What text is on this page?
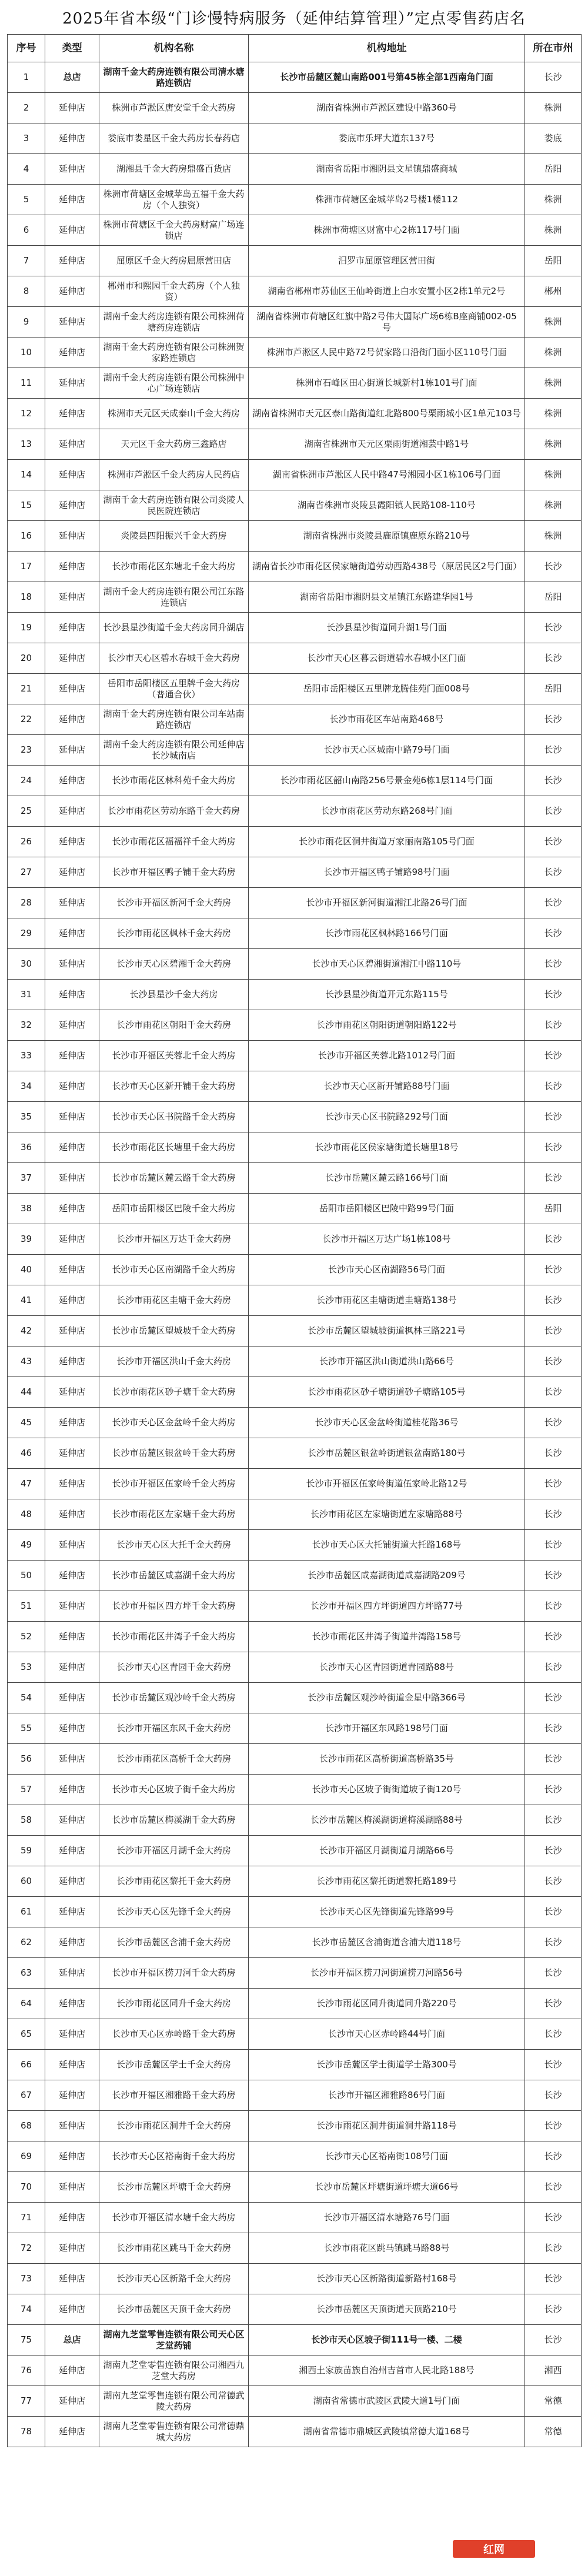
2025年省本级“门诊慢特病服务（延伸结算管理）”定点零售药店名
序号	类型	机构名称	机构地址	所在市州
1	总店	湖南千金大药房连锁有限公司清水塘路连锁店	长沙市岳麓区麓山南路001号第45栋全部1西南角门面	长沙
2	延伸店	株洲市芦淞区唐安堂千金大药房	湖南省株洲市芦淞区建设中路360号	株洲
3	延伸店	娄底市娄星区千金大药房长春药店	娄底市乐坪大道东137号	娄底
4	延伸店	湖湘县千金大药房鼎盛百货店	湖南省岳阳市湘阴县文星镇鼎盛商城	岳阳
5	延伸店	株洲市荷塘区金城苹岛五福千金大药房（个人独资）	株洲市荷塘区金城苹岛2号楼1楼112	株洲
6	延伸店	株洲市荷塘区千金大药房财富广场连锁店	株洲市荷塘区财富中心2栋117号门面	株洲
7	延伸店	屈原区千金大药房屈原营田店	汨罗市屈原管理区营田街	岳阳
8	延伸店	郴州市和熙园千金大药房（个人独资）	湖南省郴州市苏仙区王仙岭街道上白水安置小区2栋1单元2号	郴州
9	延伸店	湖南千金大药房连锁有限公司株洲荷塘药房连锁店	湖南省株洲市荷塘区红旗中路2号伟大国际广场6栋B座商铺002-05号	株洲
10	延伸店	湖南千金大药房连锁有限公司株洲贺家路连锁店	株洲市芦淞区人民中路72号贺家路口沿街门面小区110号门面	株洲
11	延伸店	湖南千金大药房连锁有限公司株洲中心广场连锁店	株洲市石峰区田心街道长城新村1栋101号门面	株洲
12	延伸店	株洲市天元区天成泰山千金大药房	湖南省株洲市天元区泰山路街道红北路800号栗雨城小区1单元103号	株洲
13	延伸店	天元区千金大药房三鑫路店	湖南省株洲市天元区栗雨街道湘芸中路1号	株洲
14	延伸店	株洲市芦淞区千金大药房人民药店	湖南省株洲市芦淞区人民中路47号湘园小区1栋106号门面	株洲
15	延伸店	湖南千金大药房连锁有限公司炎陵人民医院连锁店	湖南省株洲市炎陵县霞阳镇人民路108-110号	株洲
16	延伸店	炎陵县四阳振兴千金大药房	湖南省株洲市炎陵县鹿原镇鹿原东路210号	株洲
17	延伸店	长沙市雨花区东塘北千金大药房	湖南省长沙市雨花区侯家塘街道劳动西路438号（原居民区2号门面）	长沙
18	延伸店	湖南千金大药房连锁有限公司江东路连锁店	湖南省岳阳市湘阴县文星镇江东路建华园1号	岳阳
19	延伸店	长沙县星沙街道千金大药房同升湖店	长沙县星沙街道同升湖1号门面	长沙
20	延伸店	长沙市天心区碧水春城千金大药房	长沙市天心区暮云街道碧水春城小区门面	长沙
21	延伸店	岳阳市岳阳楼区五里牌千金大药房（普通合伙）	岳阳市岳阳楼区五里牌龙腾佳苑门面008号	岳阳
22	延伸店	湖南千金大药房连锁有限公司车站南路连锁店	长沙市雨花区车站南路468号	长沙
23	延伸店	湖南千金大药房连锁有限公司延伸店长沙城南店	长沙市天心区城南中路79号门面	长沙
24	延伸店	长沙市雨花区林科苑千金大药房	长沙市雨花区韶山南路256号景金苑6栋1层114号门面	长沙
25	延伸店	长沙市雨花区劳动东路千金大药房	长沙市雨花区劳动东路268号门面	长沙
26	延伸店	长沙市雨花区福福祥千金大药房	长沙市雨花区洞井街道万家丽南路105号门面	长沙
27	延伸店	长沙市开福区鸭子铺千金大药房	长沙市开福区鸭子铺路98号门面	长沙
28	延伸店	长沙市开福区新河千金大药房	长沙市开福区新河街道湘江北路26号门面	长沙
29	延伸店	长沙市雨花区枫林千金大药房	长沙市雨花区枫林路166号门面	长沙
30	延伸店	长沙市天心区碧湘千金大药房	长沙市天心区碧湘街道湘江中路110号	长沙
31	延伸店	长沙县星沙千金大药房	长沙县星沙街道开元东路115号	长沙
32	延伸店	长沙市雨花区朝阳千金大药房	长沙市雨花区朝阳街道朝阳路122号	长沙
33	延伸店	长沙市开福区芙蓉北千金大药房	长沙市开福区芙蓉北路1012号门面	长沙
34	延伸店	长沙市天心区新开铺千金大药房	长沙市天心区新开铺路88号门面	长沙
35	延伸店	长沙市天心区书院路千金大药房	长沙市天心区书院路292号门面	长沙
36	延伸店	长沙市雨花区长塘里千金大药房	长沙市雨花区侯家塘街道长塘里18号	长沙
37	延伸店	长沙市岳麓区麓云路千金大药房	长沙市岳麓区麓云路166号门面	长沙
38	延伸店	岳阳市岳阳楼区巴陵千金大药房	岳阳市岳阳楼区巴陵中路99号门面	岳阳
39	延伸店	长沙市开福区万达千金大药房	长沙市开福区万达广场1栋108号	长沙
40	延伸店	长沙市天心区南湖路千金大药房	长沙市天心区南湖路56号门面	长沙
41	延伸店	长沙市雨花区圭塘千金大药房	长沙市雨花区圭塘街道圭塘路138号	长沙
42	延伸店	长沙市岳麓区望城坡千金大药房	长沙市岳麓区望城坡街道枫林三路221号	长沙
43	延伸店	长沙市开福区洪山千金大药房	长沙市开福区洪山街道洪山路66号	长沙
44	延伸店	长沙市雨花区砂子塘千金大药房	长沙市雨花区砂子塘街道砂子塘路105号	长沙
45	延伸店	长沙市天心区金盆岭千金大药房	长沙市天心区金盆岭街道桂花路36号	长沙
46	延伸店	长沙市岳麓区银盆岭千金大药房	长沙市岳麓区银盆岭街道银盆南路180号	长沙
47	延伸店	长沙市开福区伍家岭千金大药房	长沙市开福区伍家岭街道伍家岭北路12号	长沙
48	延伸店	长沙市雨花区左家塘千金大药房	长沙市雨花区左家塘街道左家塘路88号	长沙
49	延伸店	长沙市天心区大托千金大药房	长沙市天心区大托铺街道大托路168号	长沙
50	延伸店	长沙市岳麓区咸嘉湖千金大药房	长沙市岳麓区咸嘉湖街道咸嘉湖路209号	长沙
51	延伸店	长沙市开福区四方坪千金大药房	长沙市开福区四方坪街道四方坪路77号	长沙
52	延伸店	长沙市雨花区井湾子千金大药房	长沙市雨花区井湾子街道井湾路158号	长沙
53	延伸店	长沙市天心区青园千金大药房	长沙市天心区青园街道青园路88号	长沙
54	延伸店	长沙市岳麓区观沙岭千金大药房	长沙市岳麓区观沙岭街道金星中路366号	长沙
55	延伸店	长沙市开福区东风千金大药房	长沙市开福区东风路198号门面	长沙
56	延伸店	长沙市雨花区高桥千金大药房	长沙市雨花区高桥街道高桥路35号	长沙
57	延伸店	长沙市天心区坡子街千金大药房	长沙市天心区坡子街街道坡子街120号	长沙
58	延伸店	长沙市岳麓区梅溪湖千金大药房	长沙市岳麓区梅溪湖街道梅溪湖路88号	长沙
59	延伸店	长沙市开福区月湖千金大药房	长沙市开福区月湖街道月湖路66号	长沙
60	延伸店	长沙市雨花区黎托千金大药房	长沙市雨花区黎托街道黎托路189号	长沙
61	延伸店	长沙市天心区先锋千金大药房	长沙市天心区先锋街道先锋路99号	长沙
62	延伸店	长沙市岳麓区含浦千金大药房	长沙市岳麓区含浦街道含浦大道118号	长沙
63	延伸店	长沙市开福区捞刀河千金大药房	长沙市开福区捞刀河街道捞刀河路56号	长沙
64	延伸店	长沙市雨花区同升千金大药房	长沙市雨花区同升街道同升路220号	长沙
65	延伸店	长沙市天心区赤岭路千金大药房	长沙市天心区赤岭路44号门面	长沙
66	延伸店	长沙市岳麓区学士千金大药房	长沙市岳麓区学士街道学士路300号	长沙
67	延伸店	长沙市开福区湘雅路千金大药房	长沙市开福区湘雅路86号门面	长沙
68	延伸店	长沙市雨花区洞井千金大药房	长沙市雨花区洞井街道洞井路118号	长沙
69	延伸店	长沙市天心区裕南街千金大药房	长沙市天心区裕南街108号门面	长沙
70	延伸店	长沙市岳麓区坪塘千金大药房	长沙市岳麓区坪塘街道坪塘大道66号	长沙
71	延伸店	长沙市开福区清水塘千金大药房	长沙市开福区清水塘路76号门面	长沙
72	延伸店	长沙市雨花区跳马千金大药房	长沙市雨花区跳马镇跳马路88号	长沙
73	延伸店	长沙市天心区新路千金大药房	长沙市天心区新路街道新路村168号	长沙
74	延伸店	长沙市岳麓区天顶千金大药房	长沙市岳麓区天顶街道天顶路210号	长沙
75	总店	湖南九芝堂零售连锁有限公司天心区芝堂药铺	长沙市天心区坡子街111号一楼、二楼	长沙
76	延伸店	湖南九芝堂零售连锁有限公司湘西九芝堂大药房	湘西土家族苗族自治州吉首市人民北路188号	湘西
77	延伸店	湖南九芝堂零售连锁有限公司常德武陵大药房	湖南省常德市武陵区武陵大道1号门面	常德
78	延伸店	湖南九芝堂零售连锁有限公司常德鼎城大药房	湖南省常德市鼎城区武陵镇常德大道168号	常德
红网
